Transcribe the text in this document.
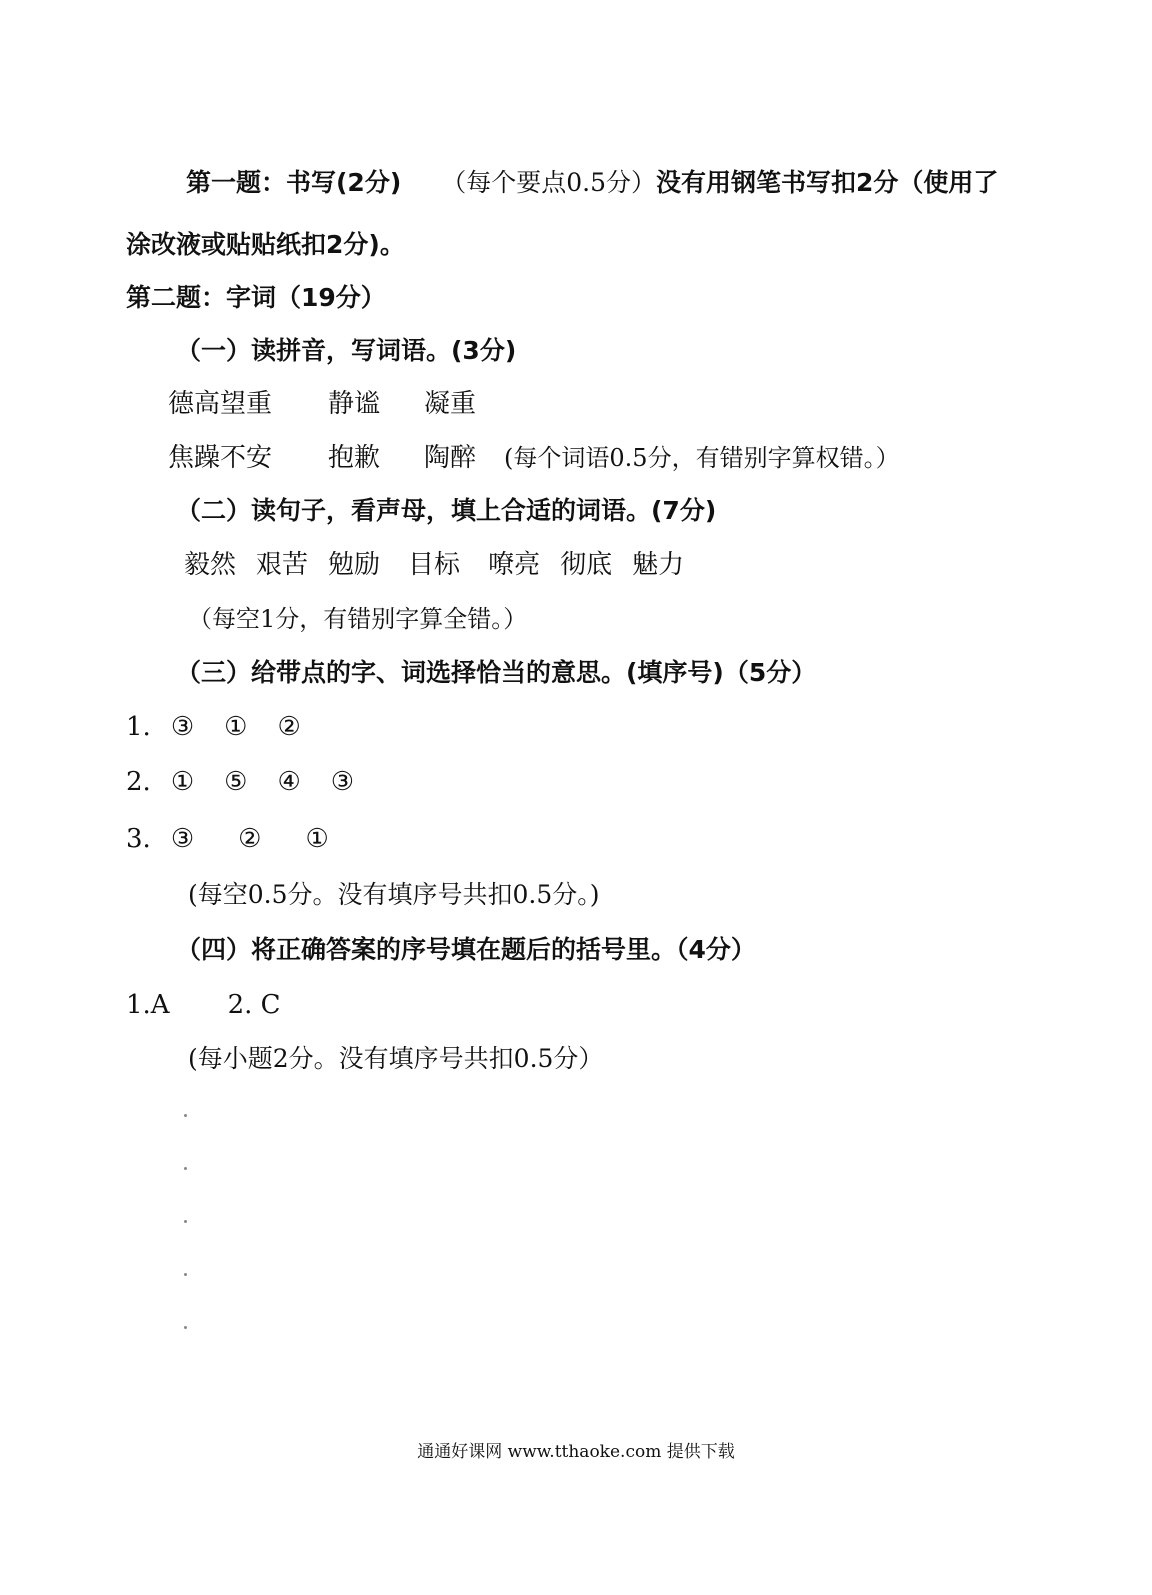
第一题：书写(2分) （每个要点0.5分）没有用钢笔书写扣2分（使用了
涂改液或贴贴纸扣2分)。
第二题：字词（19分）
（一）读拼音，写词语。(3分)
德高望重 静谧 凝重
焦躁不安 抱歉 陶醉 (每个词语0.5分，有错别字算权错。）
（二）读句子，看声母，填上合适的词语。(7分)
毅然 艰苦 勉励 目标 嘹亮 彻底 魅力
（每空1分，有错别字算全错。）
（三）给带点的字、词选择恰当的意思。(填序号)（5分）
1. ③ ① ②
2. ① ⑤ ④ ③
3. ③ ② ①
(每空0.5分。没有填序号共扣0.5分。)
（四）将正确答案的序号填在题后的括号里。（4分）
1.A 2. C
(每小题2分。没有填序号共扣0.5分）
通通好课网 www.tthaoke.com 提供下载
